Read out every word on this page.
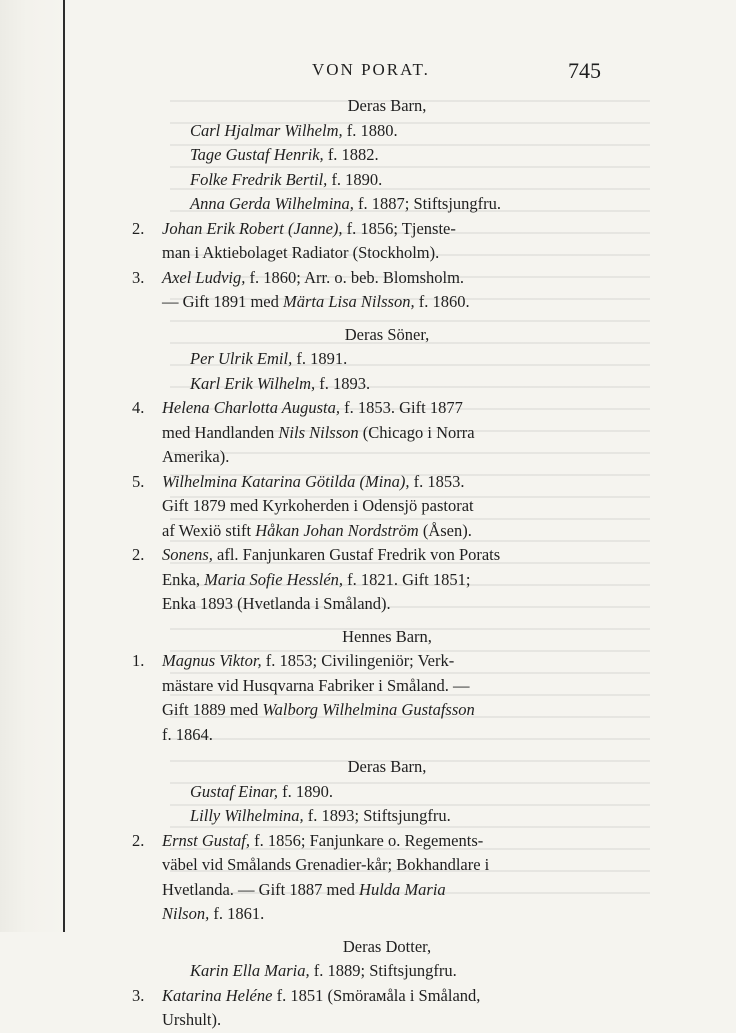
VON PORAT.	745
Deras Barn,
Carl Hjalmar Wilhelm, f. 1880.
Tage Gustaf Henrik, f. 1882.
Folke Fredrik Bertil, f. 1890.
Anna Gerda Wilhelmina, f. 1887; Stiftsjungfru.
2. Johan Erik Robert (Janne), f. 1856; Tjenste-
man i Aktiebolaget Radiator (Stockholm).
3. Axel Ludvig, f. 1860; Arr. o. beb. Blomsholm.
— Gift 1891 med Märta Lisa Nilsson, f. 1860.
Deras Söner,
Per Ulrik Emil, f. 1891.
Karl Erik Wilhelm, f. 1893.
4. Helena Charlotta Augusta, f. 1853. Gift 1877
med Handlanden Nils Nilsson (Chicago i Norra
Amerika).
5. Wilhelmina Katarina Götilda (Mina), f. 1853.
Gift 1879 med Kyrkoherden i Odensjö pastorat
af Wexiö stift Håkan Johan Nordström (Åsen).
2. Sonens, afl. Fanjunkaren Gustaf Fredrik von Porats
Enka, Maria Sofie Hesslén, f. 1821. Gift 1851;
Enka 1893 (Hvetlanda i Småland).
Hennes Barn,
1. Magnus Viktor, f. 1853; Civilingeniör; Verk-
mästare vid Husqvarna Fabriker i Småland. —
Gift 1889 med Walborg Wilhelmina Gustafsson
f. 1864.
Deras Barn,
Gustaf Einar, f. 1890.
Lilly Wilhelmina, f. 1893; Stiftsjungfru.
2. Ernst Gustaf, f. 1856; Fanjunkare o. Regements-
väbel vid Smålands Grenadier-kår; Bokhandlare i
Hvetlanda. — Gift 1887 med Hulda Maria
Nilson, f. 1861.
Deras Dotter,
Karin Ella Maria, f. 1889; Stiftsjungfru.
3. Katarina Heléne f. 1851 (Smörамåla i Småland,
Urshult).
